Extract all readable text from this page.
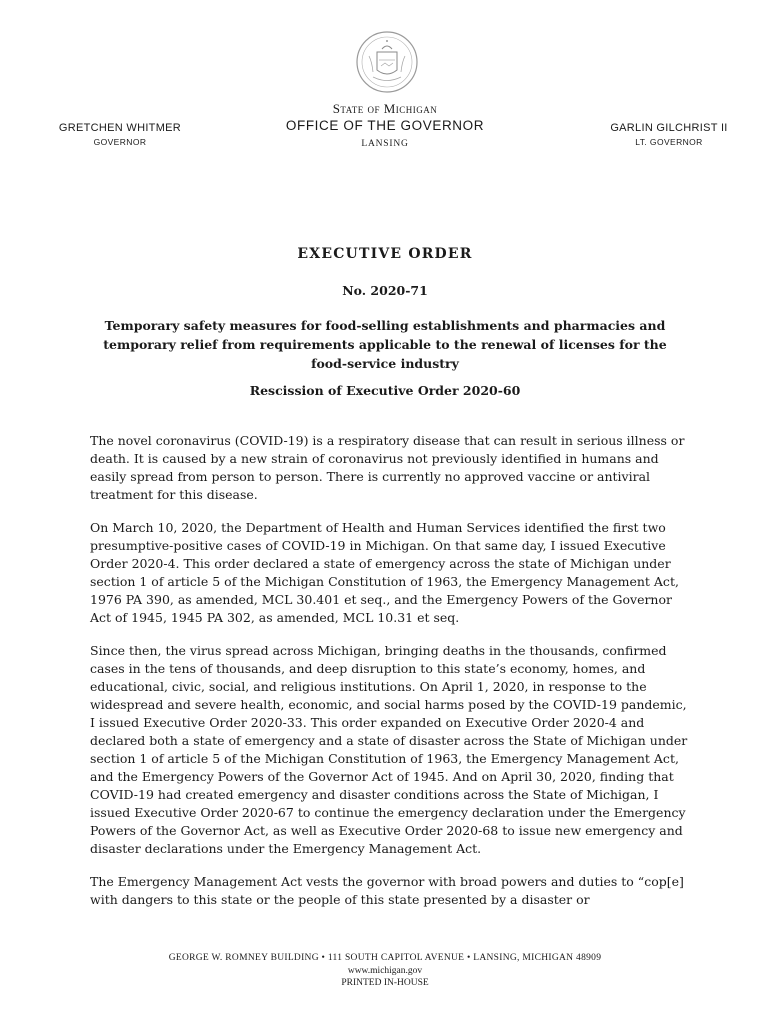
State of Michigan
OFFICE OF THE GOVERNOR
LANSING
GRETCHEN WHITMER
GOVERNOR
GARLIN GILCHRIST II
LT. GOVERNOR
EXECUTIVE ORDER
No. 2020-71
Temporary safety measures for food-selling establishments and pharmacies and temporary relief from requirements applicable to the renewal of licenses for the food-service industry
Rescission of Executive Order 2020-60

The novel coronavirus (COVID-19) is a respiratory disease that can result in serious illness or death. It is caused by a new strain of coronavirus not previously identified in humans and easily spread from person to person. There is currently no approved vaccine or antiviral treatment for this disease.

On March 10, 2020, the Department of Health and Human Services identified the first two presumptive-positive cases of COVID-19 in Michigan. On that same day, I issued Executive Order 2020-4. This order declared a state of emergency across the state of Michigan under section 1 of article 5 of the Michigan Constitution of 1963, the Emergency Management Act, 1976 PA 390, as amended, MCL 30.401 et seq., and the Emergency Powers of the Governor Act of 1945, 1945 PA 302, as amended, MCL 10.31 et seq.

Since then, the virus spread across Michigan, bringing deaths in the thousands, confirmed cases in the tens of thousands, and deep disruption to this state’s economy, homes, and educational, civic, social, and religious institutions. On April 1, 2020, in response to the widespread and severe health, economic, and social harms posed by the COVID-19 pandemic, I issued Executive Order 2020-33. This order expanded on Executive Order 2020-4 and declared both a state of emergency and a state of disaster across the State of Michigan under section 1 of article 5 of the Michigan Constitution of 1963, the Emergency Management Act, and the Emergency Powers of the Governor Act of 1945. And on April 30, 2020, finding that COVID-19 had created emergency and disaster conditions across the State of Michigan, I issued Executive Order 2020-67 to continue the emergency declaration under the Emergency Powers of the Governor Act, as well as Executive Order 2020-68 to issue new emergency and disaster declarations under the Emergency Management Act.

The Emergency Management Act vests the governor with broad powers and duties to “cop[e] with dangers to this state or the people of this state presented by a disaster or

GEORGE W. ROMNEY BUILDING • 111 SOUTH CAPITOL AVENUE • LANSING, MICHIGAN 48909
www.michigan.gov
PRINTED IN-HOUSE
